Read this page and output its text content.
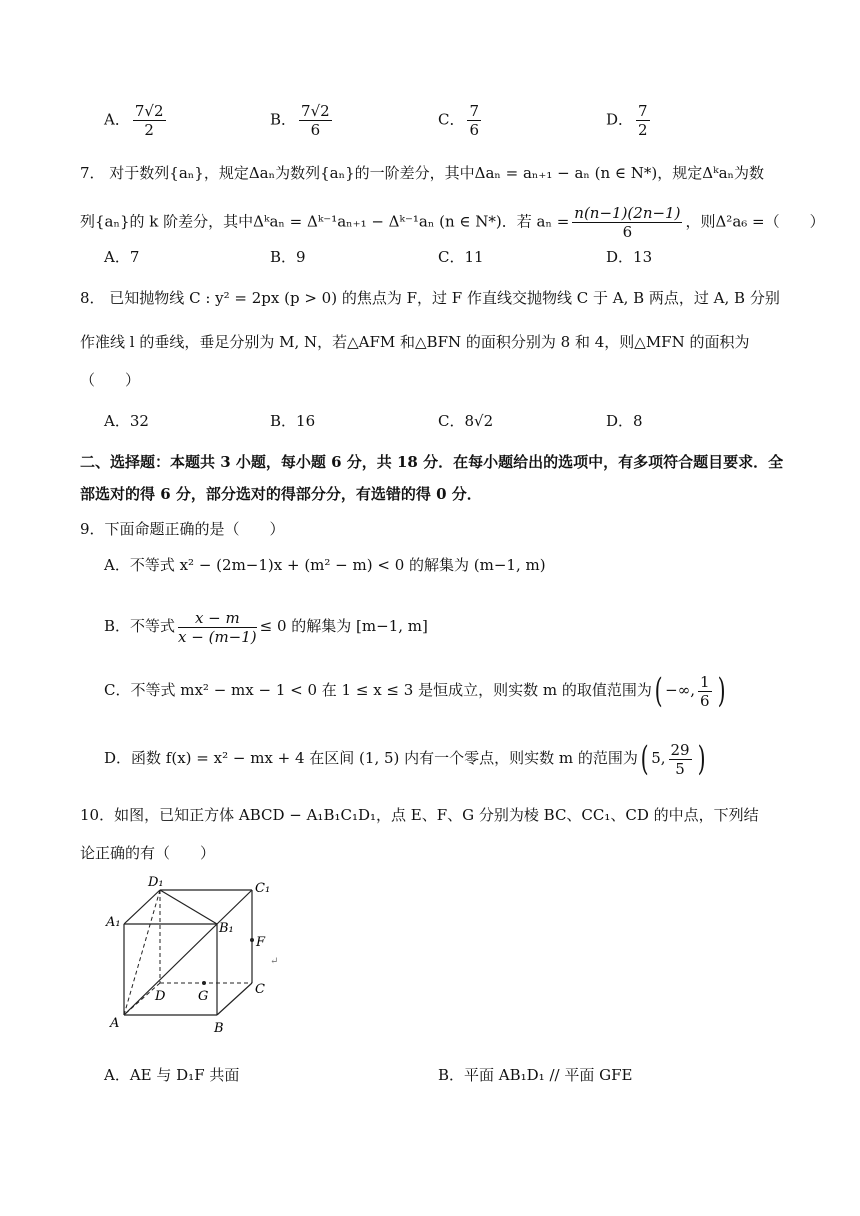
A． $\frac{7√2}{2}$	B． $\frac{7√2}{6}$	C． $\frac{7}{6}$	D． $\frac{7}{2}$
7． 对于数列{aₙ}，规定Δaₙ为数列{aₙ}的一阶差分，其中Δaₙ = aₙ₊₁ − aₙ (n ∈ N*)，规定Δᵏaₙ为数
列{aₙ}的 k 阶差分，其中Δᵏaₙ = Δᵏ⁻¹aₙ₊₁ − Δᵏ⁻¹aₙ (n ∈ N*)．若 $a_n = \frac{n(n-1)(2n-1)}{6}$ ，则Δ²a₆ =（　　）
A．7	B．9	C．11	D．13
8． 已知抛物线 C : y² = 2px (p > 0) 的焦点为 F，过 F 作直线交抛物线 C 于 A, B 两点，过 A, B 分别
作准线 l 的垂线，垂足分别为 M, N，若△AFM 和△BFN 的面积分别为 8 和 4，则△MFN 的面积为
（　　）
A．32	B．16	C．8√2	D．8
二、选择题：本题共 3 小题，每小题 6 分，共 18 分．在每小题给出的选项中，有多项符合题目要求．全
部选对的得 6 分，部分选对的得部分分，有选错的得 0 分．
9．下面命题正确的是（　　）
A．不等式 x² − (2m−1)x + (m² − m) < 0 的解集为 (m−1, m)
B．不等式 $\frac{x - m}{x - (m-1)} \le 0$ 的解集为 [m−1, m]
C．不等式 mx² − mx − 1 < 0 在 1 ≤ x ≤ 3 是恒成立，则实数 m 的取值范围为( −∞, $\frac{1}{6}$ )
D．函数 f(x) = x² − mx + 4 在区间 (1, 5) 内有一个零点，则实数 m 的范围为( 5, $\frac{29}{5}$ )
10．如图，已知正方体 ABCD − A₁B₁C₁D₁，点 E、F、G 分别为棱 BC、CC₁、CD 的中点，下列结
论正确的有（　　）
D₁	C₁
A₁	B₁
F
↵
D	G	C
A	B
A．AE 与 D₁F 共面	B．平面 AB₁D₁ // 平面 GFE
